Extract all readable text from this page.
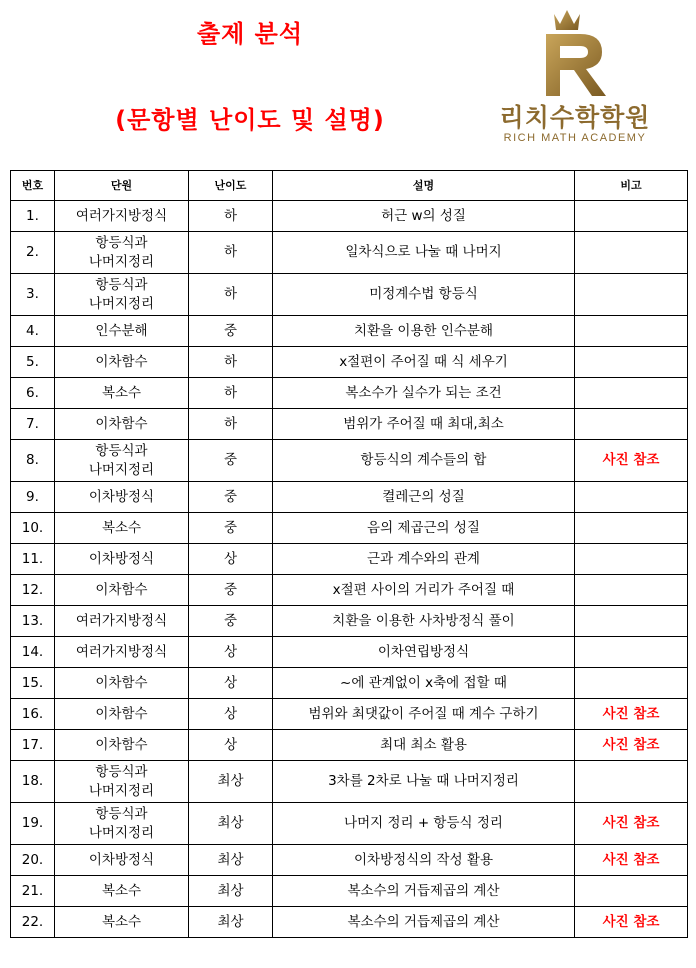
출제 분석
(문항별 난이도 및 설명)	리치수학학원
RICH MATH ACADEMY
번호	단원	난이도	설명	비고
1.	여러가지방정식	하	허근 w의 성질	
2.	항등식과
나머지정리	하	일차식으로 나눌 때 나머지	
3.	항등식과
나머지정리	하	미정계수법 항등식	
4.	인수분해	중	치환을 이용한 인수분해	
5.	이차함수	하	x절편이 주어질 때 식 세우기	
6.	복소수	하	복소수가 실수가 되는 조건	
7.	이차함수	하	범위가 주어질 때 최대,최소	
8.	항등식과
나머지정리	중	항등식의 계수들의 합	사진 참조
9.	이차방정식	중	켤레근의 성질	
10.	복소수	중	음의 제곱근의 성질	
11.	이차방정식	상	근과 계수와의 관계	
12.	이차함수	중	x절편 사이의 거리가 주어질 때	
13.	여러가지방정식	중	치환을 이용한 사차방정식 풀이	
14.	여러가지방정식	상	이차연립방정식	
15.	이차함수	상	~에 관계없이 x축에 접할 때	
16.	이차함수	상	범위와 최댓값이 주어질 때 계수 구하기	사진 참조
17.	이차함수	상	최대 최소 활용	사진 참조
18.	항등식과
나머지정리	최상	3차를 2차로 나눌 때 나머지정리	
19.	항등식과
나머지정리	최상	나머지 정리 + 항등식 정리	사진 참조
20.	이차방정식	최상	이차방정식의 작성 활용	사진 참조
21.	복소수	최상	복소수의 거듭제곱의 계산	
22.	복소수	최상	복소수의 거듭제곱의 계산	사진 참조
